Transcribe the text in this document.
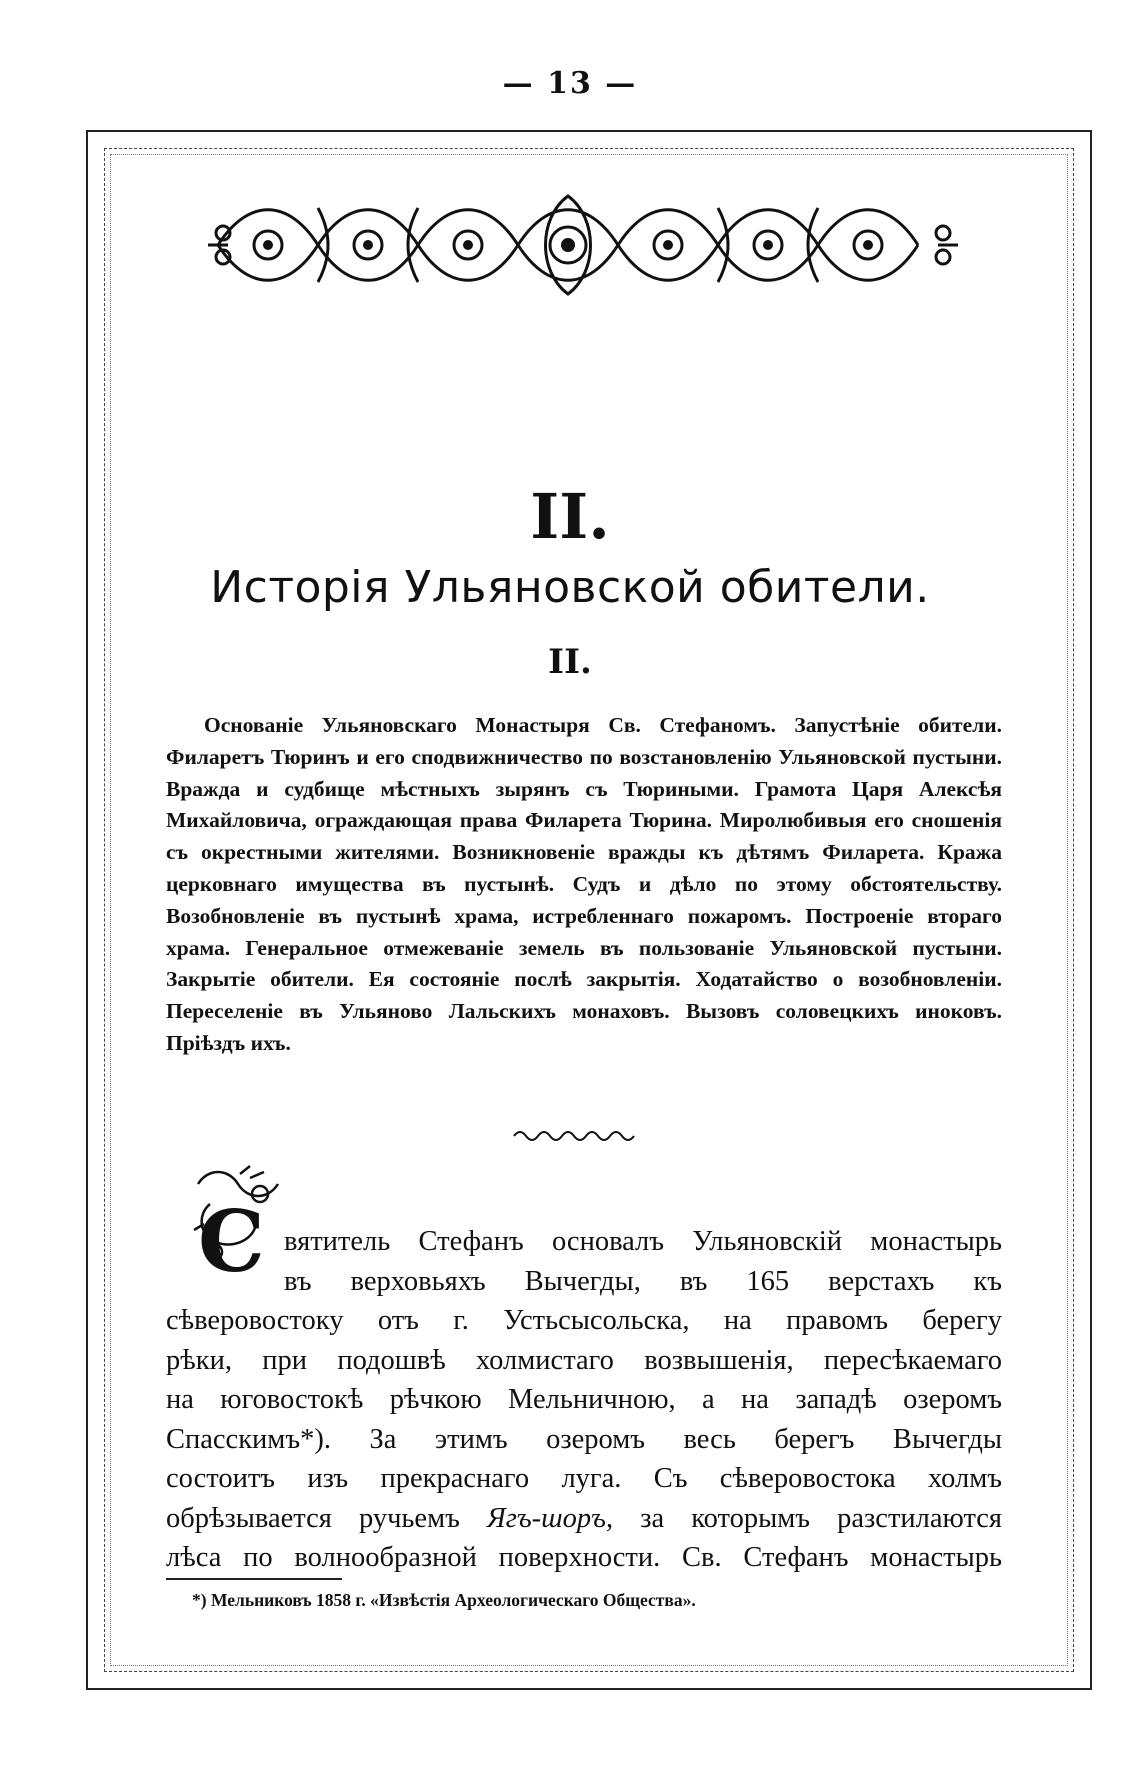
— 13 —
II.
Исторія Ульяновской обители.
II.
Основаніе Ульяновскаго Монастыря Св. Стефаномъ. Запустѣніе обители. Филаретъ Тюринъ и его сподвижничество по возстановленію Ульяновской пустыни. Вражда и судбище мѣстныхъ зырянъ съ Тюриными. Грамота Царя Алексѣя Михайловича, ограждающая права Филарета Тюрина. Миролюбивыя его сношенія съ окрестными жителями. Возникновеніе вражды къ дѣтямъ Филарета. Кража церковнаго имущества въ пустынѣ. Судъ и дѣло по этому обстоятельству. Возобновленіе въ пустынѣ храма, истребленнаго пожаромъ. Построеніе втораго храма. Генеральное отмежеваніе земель въ пользованіе Ульяновской пустыни. Закрытіе обители. Ея состояніе послѣ закрытія. Ходатайство о возобновленіи. Переселеніе въ Ульяново Лальскихъ монаховъ. Вызовъ соловецкихъ иноковъ. Пріѣздъ ихъ.
С вятитель Стефанъ основалъ Ульяновскій монастырь
въ верховьяхъ Вычегды, въ 165 верстахъ къ
сѣверовостоку отъ г. Устьсысольска, на правомъ берегу
рѣки, при подошвѣ холмистаго возвышенія, пересѣкаемаго
на юговостокѣ рѣчкою Мельничною, а на западѣ озеромъ
Спасскимъ*). За этимъ озеромъ весь берегъ Вычегды
состоитъ изъ прекраснаго луга. Съ сѣверовостока холмъ
обрѣзывается ручьемъ Ягъ-шоръ, за которымъ разстилаются
лѣса по волнообразной поверхности. Св. Стефанъ монастырь
*) Мельниковъ 1858 г. «Извѣстія Археологическаго Общества».
